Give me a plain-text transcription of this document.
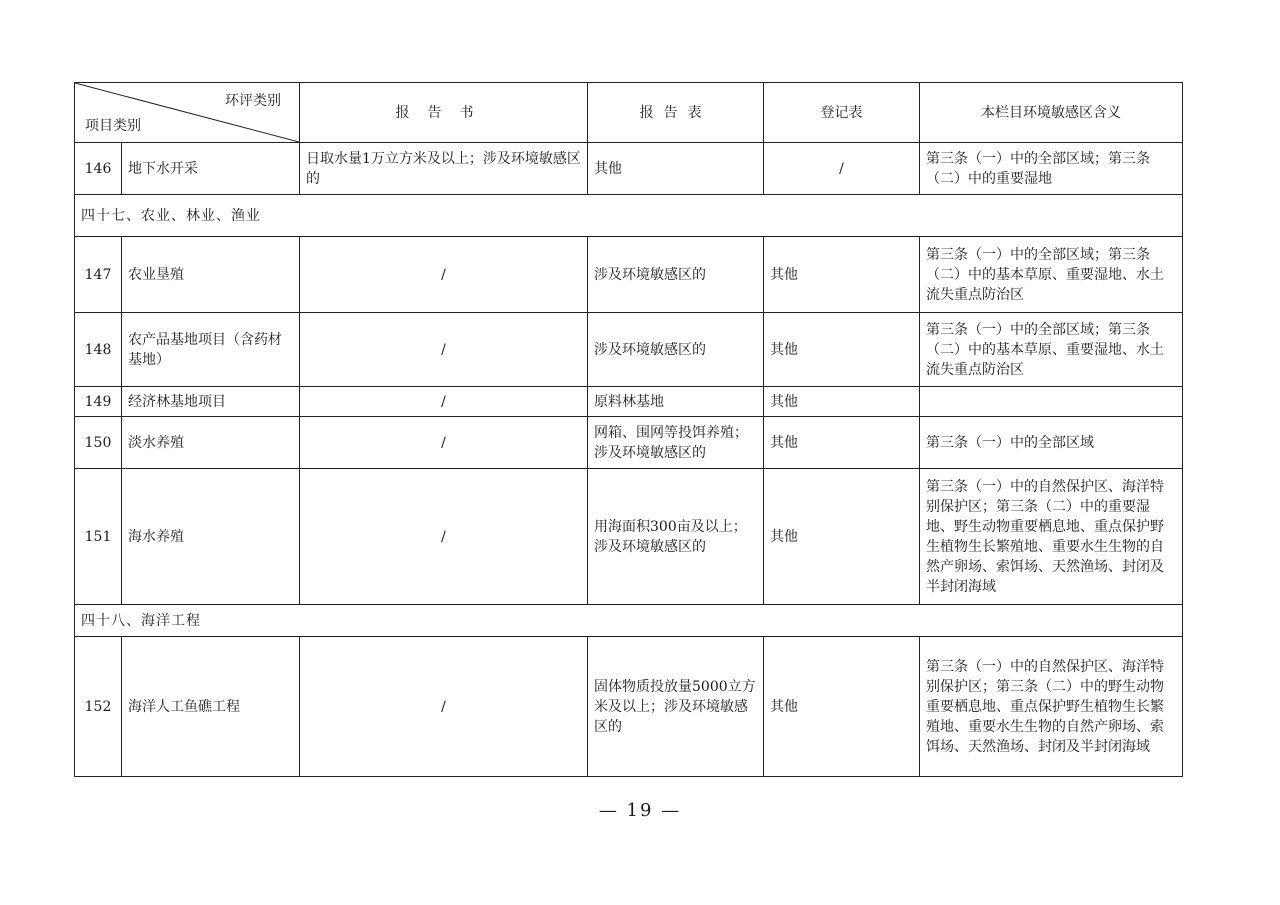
环评类别
项目类别		报告书	报告表	登记表	本栏目环境敏感区含义
146	地下水开采	日取水量1万立方米及以上；涉及环境敏感区的	其他	/	第三条（一）中的全部区域；第三条（二）中的重要湿地
四十七、农业、林业、渔业					
147	农业垦殖	/	涉及环境敏感区的	其他	第三条（一）中的全部区域；第三条（二）中的基本草原、重要湿地、水土流失重点防治区
148	农产品基地项目（含药材基地）	/	涉及环境敏感区的	其他	第三条（一）中的全部区域；第三条（二）中的基本草原、重要湿地、水土流失重点防治区
149	经济林基地项目	/	原料林基地	其他	
150	淡水养殖	/	网箱、围网等投饵养殖；涉及环境敏感区的	其他	第三条（一）中的全部区域
151	海水养殖	/	用海面积300亩及以上；涉及环境敏感区的	其他	第三条（一）中的自然保护区、海洋特别保护区；第三条（二）中的重要湿地、野生动物重要栖息地、重点保护野生植物生长繁殖地、重要水生生物的自然产卵场、索饵场、天然渔场、封闭及半封闭海域
四十八、海洋工程					
152	海洋人工鱼礁工程	/	固体物质投放量5000立方米及以上；涉及环境敏感区的	其他	第三条（一）中的自然保护区、海洋特别保护区；第三条（二）中的野生动物重要栖息地、重点保护野生植物生长繁殖地、重要水生生物的自然产卵场、索饵场、天然渔场、封闭及半封闭海域
— 19 —
